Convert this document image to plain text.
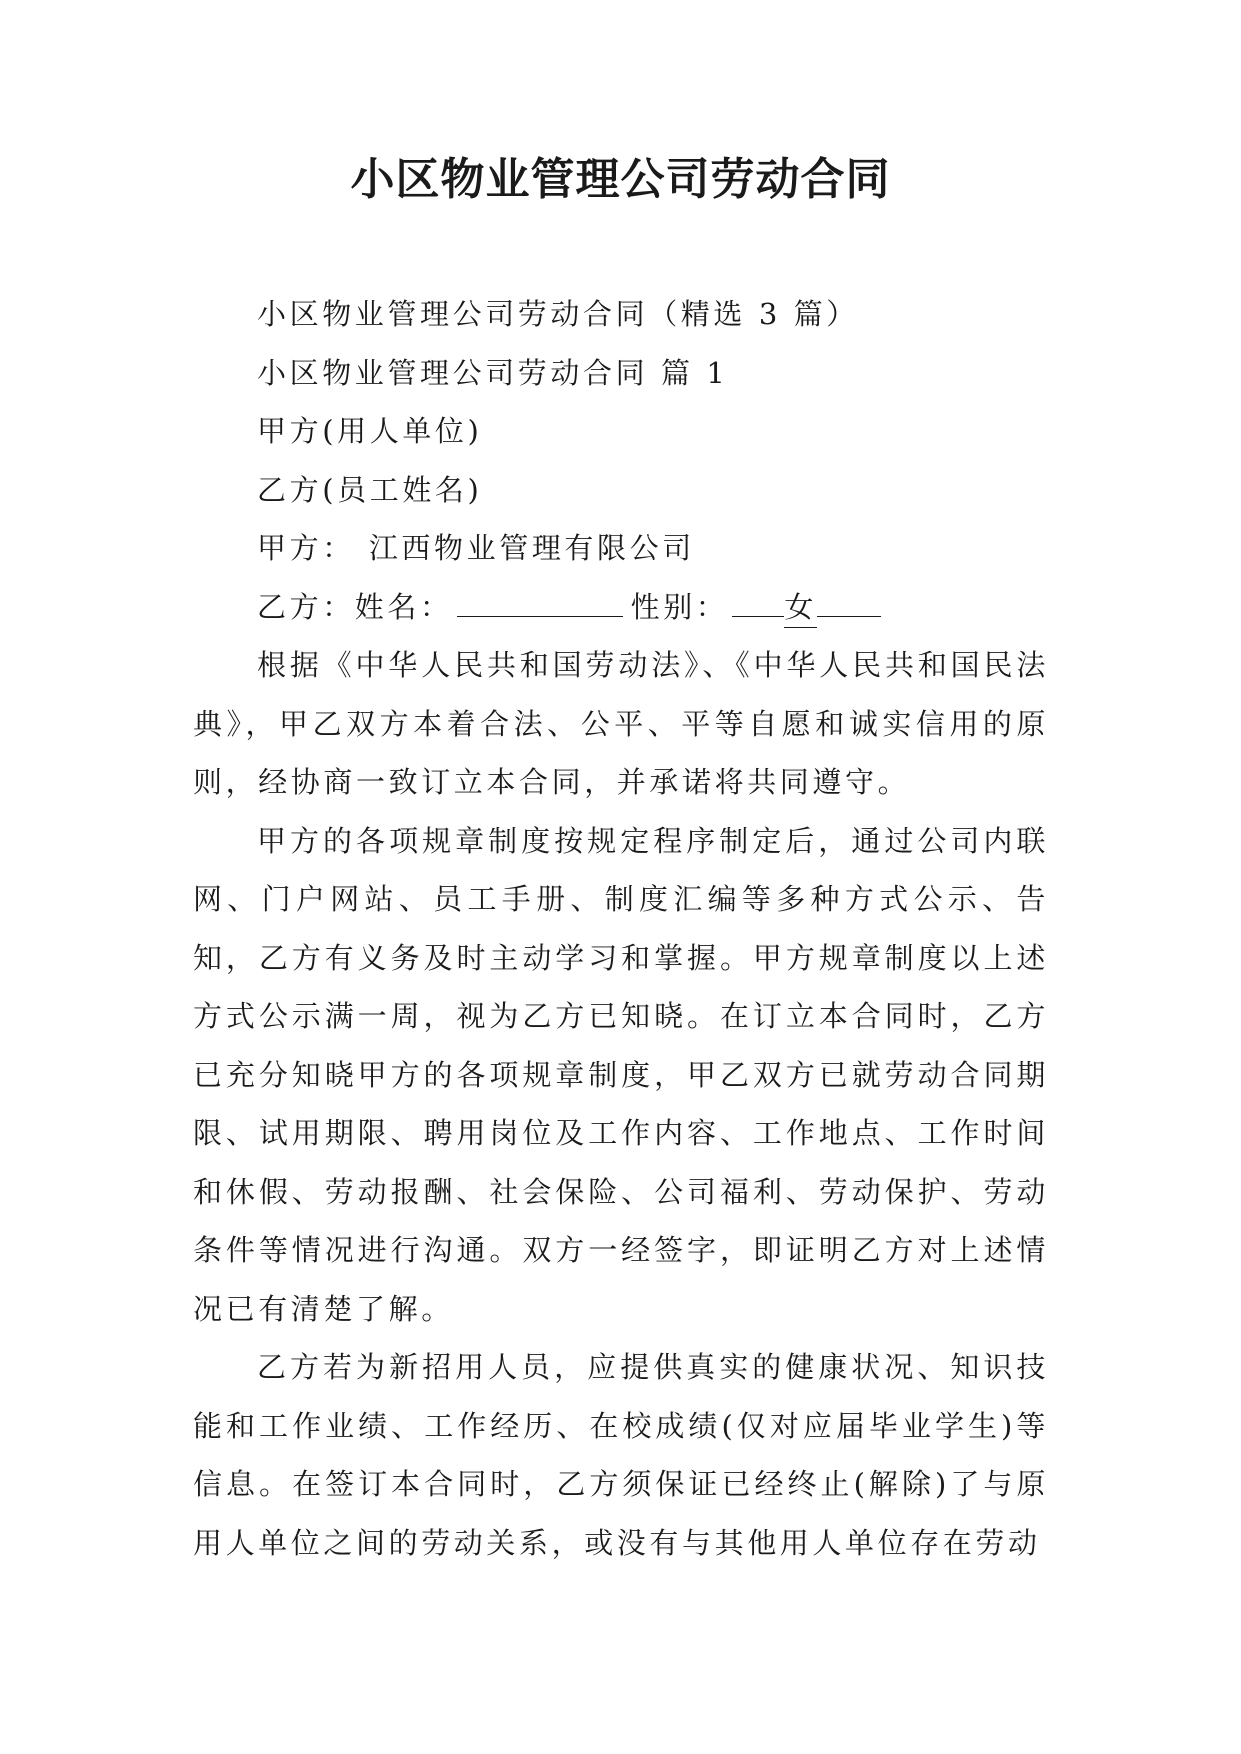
小区物业管理公司劳动合同

小区物业管理公司劳动合同（精选 3 篇）

小区物业管理公司劳动合同 篇 1

甲方(用人单位)

乙方(员工姓名)

甲方： 江西物业管理有限公司

乙方：姓名：	性别： 女

根据《中华人民共和国劳动法》、《中华人民共和国民法典》，甲乙双方本着合法、公平、平等自愿和诚实信用的原则，经协商一致订立本合同，并承诺将共同遵守。

甲方的各项规章制度按规定程序制定后，通过公司内联网、门户网站、员工手册、制度汇编等多种方式公示、告知，乙方有义务及时主动学习和掌握。甲方规章制度以上述方式公示满一周，视为乙方已知晓。在订立本合同时，乙方已充分知晓甲方的各项规章制度，甲乙双方已就劳动合同期限、试用期限、聘用岗位及工作内容、工作地点、工作时间和休假、劳动报酬、社会保险、公司福利、劳动保护、劳动条件等情况进行沟通。双方一经签字，即证明乙方对上述情况已有清楚了解。

乙方若为新招用人员，应提供真实的健康状况、知识技能和工作业绩、工作经历、在校成绩(仅对应届毕业学生)等信息。在签订本合同时，乙方须保证已经终止(解除)了与原用人单位之间的劳动关系，或没有与其他用人单位存在劳动
